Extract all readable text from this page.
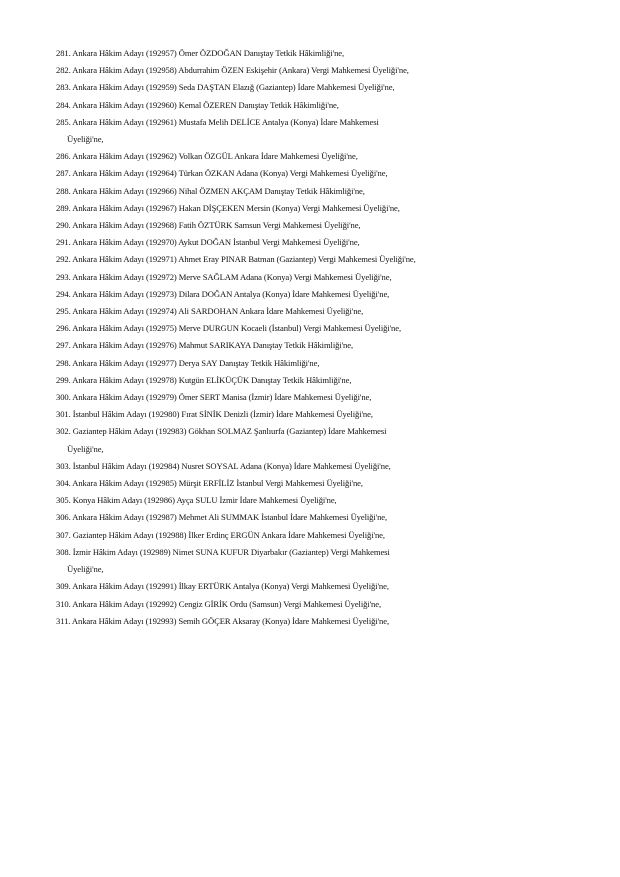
281. Ankara Hâkim Adayı (192957) Ömer ÖZDOĞAN Danıştay Tetkik Hâkimliği'ne,
282. Ankara Hâkim Adayı (192958) Abdurrahim ÖZEN Eskişehir (Ankara) Vergi Mahkemesi Üyeliği'ne,
283. Ankara Hâkim Adayı (192959) Seda DAŞTAN Elazığ (Gaziantep) İdare Mahkemesi Üyeliği'ne,
284. Ankara Hâkim Adayı (192960) Kemal ÖZEREN Danıştay Tetkik Hâkimliği'ne,
285. Ankara Hâkim Adayı (192961) Mustafa Melih DELİCE Antalya (Konya) İdare Mahkemesi
Üyeliği'ne,
286. Ankara Hâkim Adayı (192962) Volkan ÖZGÜL Ankara İdare Mahkemesi Üyeliği'ne,
287. Ankara Hâkim Adayı (192964) Türkan ÖZKAN Adana (Konya) Vergi Mahkemesi Üyeliği'ne,
288. Ankara Hâkim Adayı (192966) Nihal ÖZMEN AKÇAM Danıştay Tetkik Hâkimliği'ne,
289. Ankara Hâkim Adayı (192967) Hakan DİŞÇEKEN Mersin (Konya) Vergi Mahkemesi Üyeliği'ne,
290. Ankara Hâkim Adayı (192968) Fatih ÖZTÜRK Samsun Vergi Mahkemesi Üyeliği'ne,
291. Ankara Hâkim Adayı (192970) Aykut DOĞAN İstanbul Vergi Mahkemesi Üyeliği'ne,
292. Ankara Hâkim Adayı (192971) Ahmet Eray PINAR Batman (Gaziantep) Vergi Mahkemesi Üyeliği'ne,
293. Ankara Hâkim Adayı (192972) Merve SAĞLAM Adana (Konya) Vergi Mahkemesi Üyeliği'ne,
294. Ankara Hâkim Adayı (192973) Dilara DOĞAN Antalya (Konya) İdare Mahkemesi Üyeliği'ne,
295. Ankara Hâkim Adayı (192974) Ali SARDOHAN Ankara İdare Mahkemesi Üyeliği'ne,
296. Ankara Hâkim Adayı (192975) Merve DURGUN Kocaeli (İstanbul) Vergi Mahkemesi Üyeliği'ne,
297. Ankara Hâkim Adayı (192976) Mahmut SARIKAYA Danıştay Tetkik Hâkimliği'ne,
298. Ankara Hâkim Adayı (192977) Derya SAY Danıştay Tetkik Hâkimliği'ne,
299. Ankara Hâkim Adayı (192978) Kutgün ELİKÜÇÜK Danıştay Tetkik Hâkimliği'ne,
300. Ankara Hâkim Adayı (192979) Ömer SERT Manisa (İzmir) İdare Mahkemesi Üyeliği'ne,
301. İstanbul Hâkim Adayı (192980) Fırat SİNİK Denizli (İzmir) İdare Mahkemesi Üyeliği'ne,
302. Gaziantep Hâkim Adayı (192983) Gökhan SOLMAZ Şanlıurfa (Gaziantep) İdare Mahkemesi
Üyeliği'ne,
303. İstanbul Hâkim Adayı (192984) Nusret SOYSAL Adana (Konya) İdare Mahkemesi Üyeliği'ne,
304. Ankara Hâkim Adayı (192985) Mürşit ERFİLİZ İstanbul Vergi Mahkemesi Üyeliği'ne,
305. Konya Hâkim Adayı (192986) Ayça SULU İzmir İdare Mahkemesi Üyeliği'ne,
306. Ankara Hâkim Adayı (192987) Mehmet Ali SUMMAK İstanbul İdare Mahkemesi Üyeliği'ne,
307. Gaziantep Hâkim Adayı (192988) İlker Erdinç ERGÜN Ankara İdare Mahkemesi Üyeliği'ne,
308. İzmir Hâkim Adayı (192989) Nimet SUNA KUFUR Diyarbakır (Gaziantep) Vergi Mahkemesi
Üyeliği'ne,
309. Ankara Hâkim Adayı (192991) İlkay ERTÜRK Antalya (Konya) Vergi Mahkemesi Üyeliği'ne,
310. Ankara Hâkim Adayı (192992) Cengiz GİRİK Ordu (Samsun) Vergi Mahkemesi Üyeliği'ne,
311. Ankara Hâkim Adayı (192993) Semih GÖÇER Aksaray (Konya) İdare Mahkemesi Üyeliği'ne,
